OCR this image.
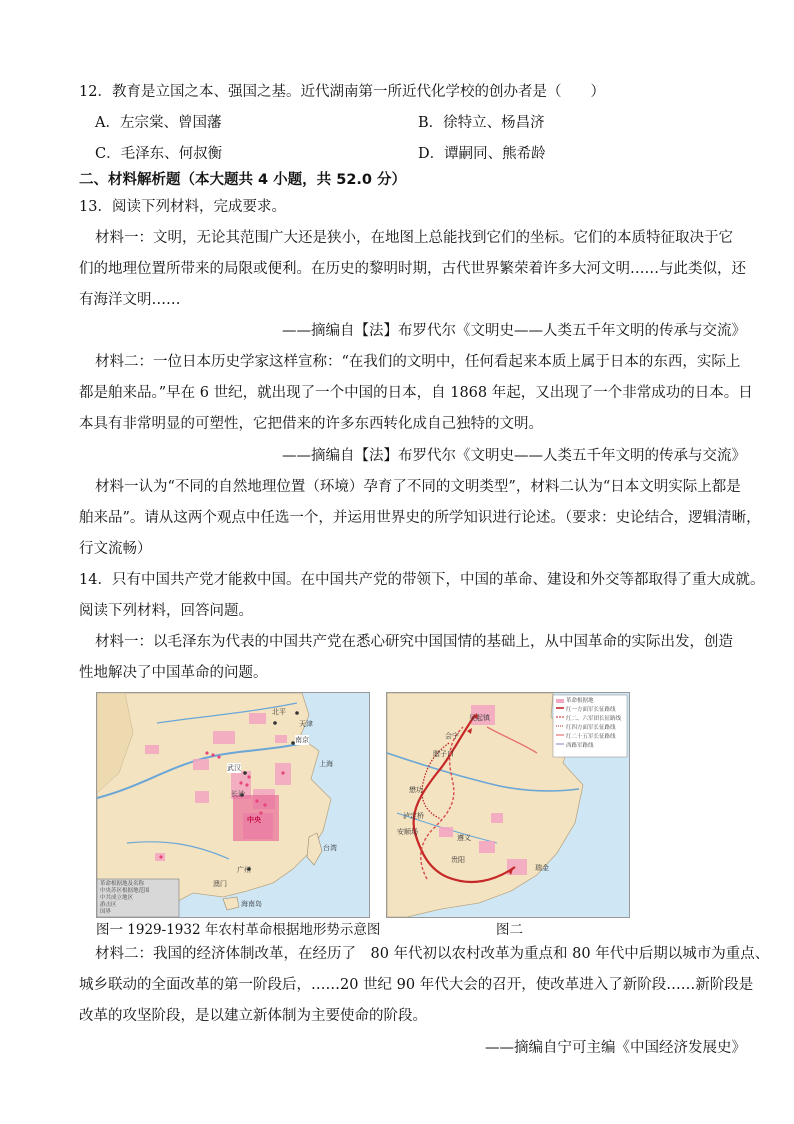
12．教育是立国之本、强国之基。近代湖南第一所近代化学校的创办者是（　　）
A．左宗棠、曾国藩	B．徐特立、杨昌济
C．毛泽东、何叔衡	D．谭嗣同、熊希龄
二、材料解析题（本大题共 4 小题，共 52.0 分）
13．阅读下列材料，完成要求。
材料一：文明，无论其范围广大还是狭小，在地图上总能找到它们的坐标。它们的本质特征取决于它
们的地理位置所带来的局限或便利。在历史的黎明时期，古代世界繁荣着许多大河文明……与此类似，还
有海洋文明……
——摘编自【法】布罗代尔《文明史——人类五千年文明的传承与交流》
材料二：一位日本历史学家这样宣称：“在我们的文明中，任何看起来本质上属于日本的东西，实际上
都是舶来品。”早在 6 世纪，就出现了一个中国的日本，自 1868 年起，又出现了一个非常成功的日本。日
本具有非常明显的可塑性，它把借来的许多东西转化成自己独特的文明。
——摘编自【法】布罗代尔《文明史——人类五千年文明的传承与交流》
材料一认为“不同的自然地理位置（环境）孕育了不同的文明类型”，材料二认为“日本文明实际上都是
舶来品”。请从这两个观点中任选一个，并运用世界史的所学知识进行论述。（要求：史论结合，逻辑清晰，
行文流畅）
14．只有中国共产党才能救中国。在中国共产党的带领下，中国的革命、建设和外交等都取得了重大成就。
阅读下列材料，回答问题。
材料一：以毛泽东为代表的中国共产党在悉心研究中国国情的基础上，从中国革命的实际出发，创造
性地解决了中国革命的问题。
北平
天津
南京
上海
武汉
长沙
中央
广州
台湾
海南岛
澳门
革命根据地及名称
中央苏区根据地范围
中共成立地区
游击区
国界
图一 1929-1932 年农村革命根据地形势示意图
吴起镇
会宁
腊子口
懋功
遵义
瑞金
贵阳
泸定桥
安顺场
革命根据地
红一方面军长征路线
红二、六军团长征路线
红四方面军长征路线
红二十五军长征路线
西路军路线
图二
材料二：我国的经济体制改革，在经历了　80 年代初以农村改革为重点和 80 年代中后期以城市为重点、
城乡联动的全面改革的第一阶段后，……20 世纪 90 年代大会的召开，使改革进入了新阶段……新阶段是
改革的攻坚阶段，是以建立新体制为主要使命的阶段。
——摘编自宁可主编《中国经济发展史》
